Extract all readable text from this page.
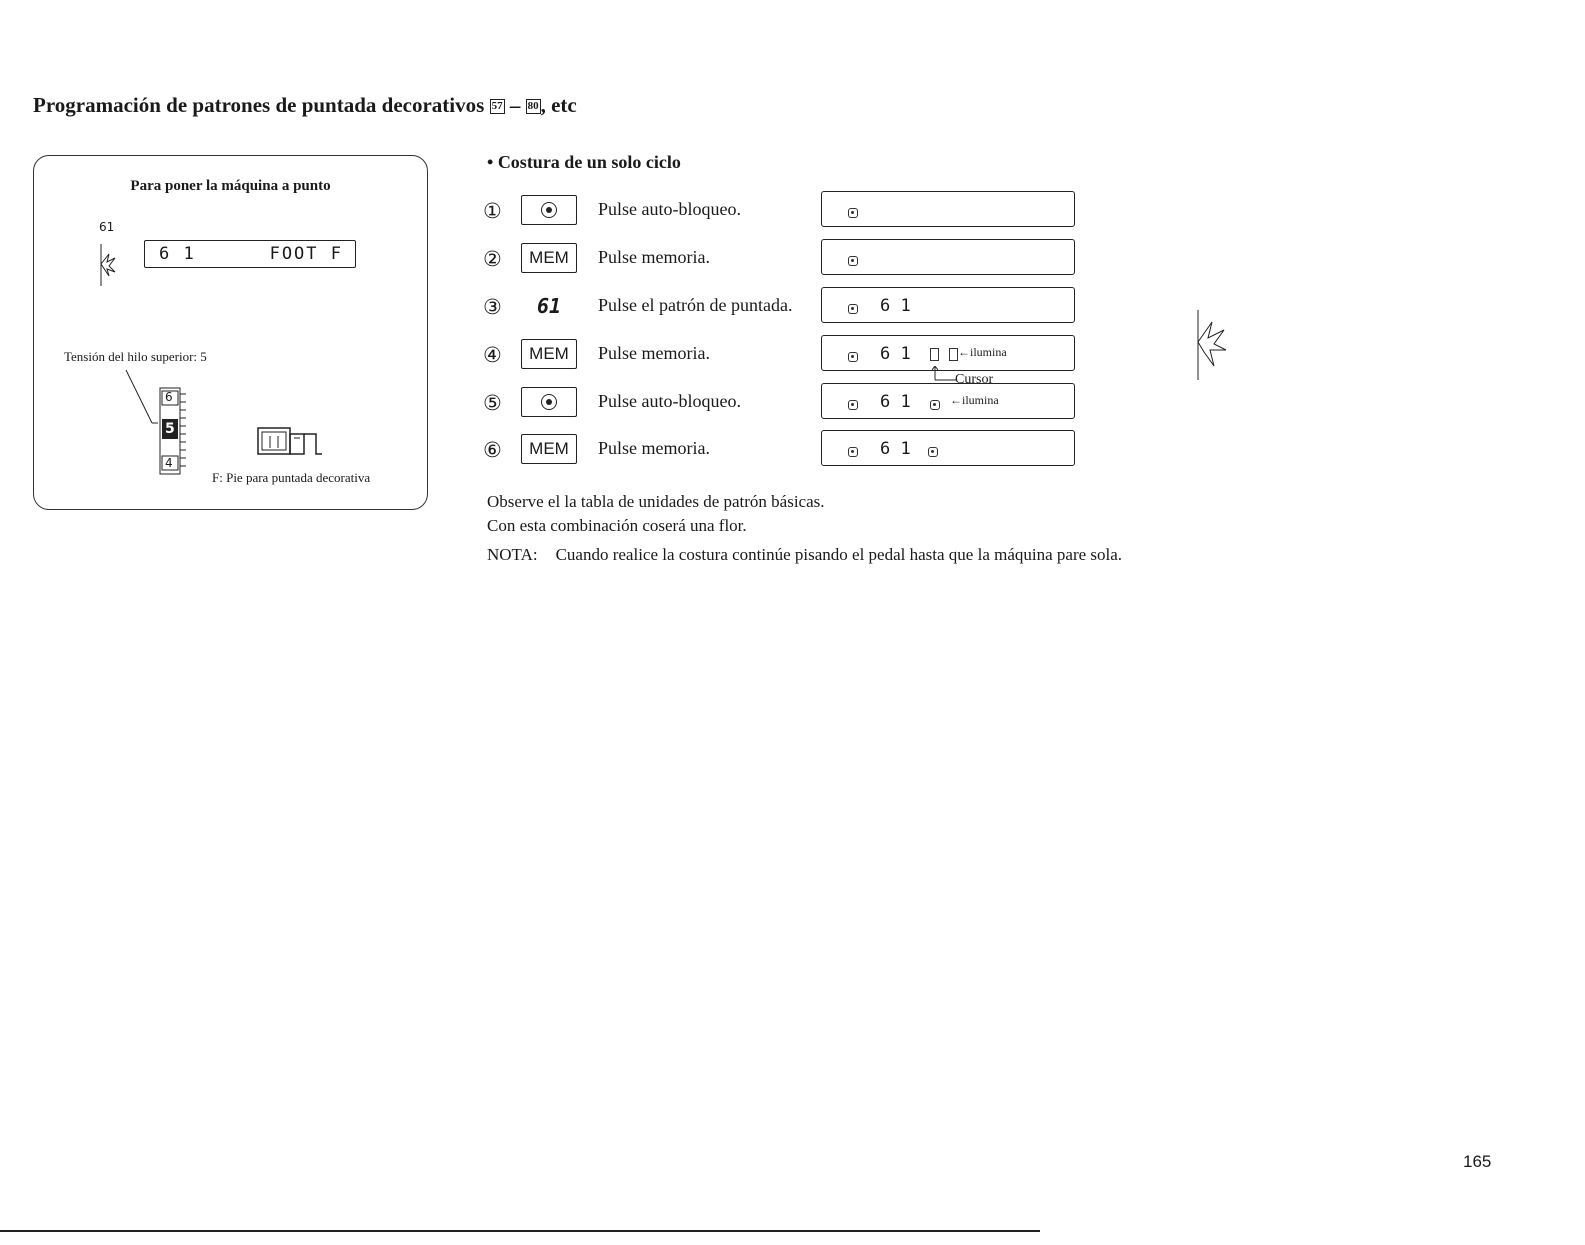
Programación de patrones de puntada decorativos 57 – 80, etc
Para poner la máquina a punto
61
6 1	FOOT F
Tensión del hilo superior: 5
6
5
4
F: Pie para puntada decorativa
• Costura de un solo ciclo
①	Pulse auto-bloqueo.
②	MEM	Pulse memoria.
③	61	Pulse el patrón de puntada.	6 1
④	MEM	Pulse memoria.	6 1
	←ilumina
Cursor
⑤	Pulse auto-bloqueo.	6 1	←ilumina
⑥	MEM	Pulse memoria.	6 1
Observe el la tabla de unidades de patrón básicas.
Con esta combinación coserá una flor.
NOTA: Cuando realice la costura continúe pisando el pedal hasta que la máquina pare sola.
165
